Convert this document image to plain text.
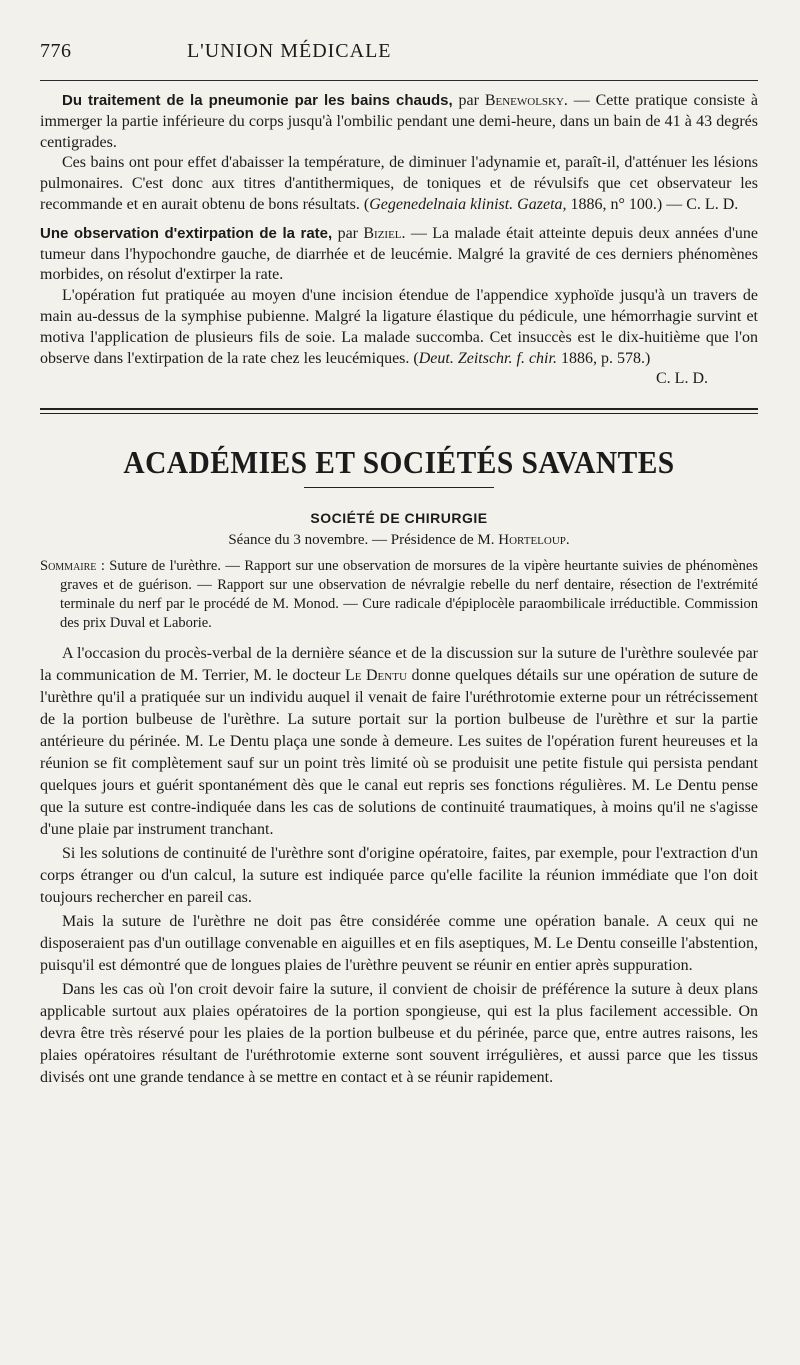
776	L'UNION MÉDICALE

Du traitement de la pneumonie par les bains chauds, par Benewolsky. — Cette pratique consiste à immerger la partie inférieure du corps jusqu'à l'ombilic pendant une demi-heure, dans un bain de 41 à 43 degrés centigrades.

Ces bains ont pour effet d'abaisser la température, de diminuer l'adynamie et, paraît-il, d'atténuer les lésions pulmonaires. C'est donc aux titres d'antithermiques, de toniques et de révulsifs que cet observateur les recommande et en aurait obtenu de bons résultats. (Gegenedelnaia klinist. Gazeta, 1886, n° 100.) — C. L. D.

Une observation d'extirpation de la rate, par Biziel. — La malade était atteinte depuis deux années d'une tumeur dans l'hypochondre gauche, de diarrhée et de leucémie. Malgré la gravité de ces derniers phénomènes morbides, on résolut d'extirper la rate.

L'opération fut pratiquée au moyen d'une incision étendue de l'appendice xyphoïde jusqu'à un travers de main au-dessus de la symphise pubienne. Malgré la ligature élastique du pédicule, une hémorrhagie survint et motiva l'application de plusieurs fils de soie. La malade succomba. Cet insuccès est le dix-huitième que l'on observe dans l'extirpation de la rate chez les leucémiques. (Deut. Zeitschr. f. chir. 1886, p. 578.)

C. L. D.
ACADÉMIES ET SOCIÉTÉS SAVANTES
SOCIÉTÉ DE CHIRURGIE
Séance du 3 novembre. — Présidence de M. Horteloup.
Sommaire : Suture de l'urèthre. — Rapport sur une observation de morsures de la vipère heurtante suivies de phénomènes graves et de guérison. — Rapport sur une observation de névralgie rebelle du nerf dentaire, résection de l'extrémité terminale du nerf par le procédé de M. Monod. — Cure radicale d'épiplocèle paraombilicale irréductible. Commission des prix Duval et Laborie.

A l'occasion du procès-verbal de la dernière séance et de la discussion sur la suture de l'urèthre soulevée par la communication de M. Terrier, M. le docteur Le Dentu donne quelques détails sur une opération de suture de l'urèthre qu'il a pratiquée sur un individu auquel il venait de faire l'uréthrotomie externe pour un rétrécissement de la portion bulbeuse de l'urèthre. La suture portait sur la portion bulbeuse de l'urèthre et sur la partie antérieure du périnée. M. Le Dentu plaça une sonde à demeure. Les suites de l'opération furent heureuses et la réunion se fit complètement sauf sur un point très limité où se produisit une petite fistule qui persista pendant quelques jours et guérit spontanément dès que le canal eut repris ses fonctions régulières. M. Le Dentu pense que la suture est contre-indiquée dans les cas de solutions de continuité traumatiques, à moins qu'il ne s'agisse d'une plaie par instrument tranchant.

Si les solutions de continuité de l'urèthre sont d'origine opératoire, faites, par exemple, pour l'extraction d'un corps étranger ou d'un calcul, la suture est indiquée parce qu'elle facilite la réunion immédiate que l'on doit toujours rechercher en pareil cas.

Mais la suture de l'urèthre ne doit pas être considérée comme une opération banale. A ceux qui ne disposeraient pas d'un outillage convenable en aiguilles et en fils aseptiques, M. Le Dentu conseille l'abstention, puisqu'il est démontré que de longues plaies de l'urèthre peuvent se réunir en entier après suppuration.

Dans les cas où l'on croit devoir faire la suture, il convient de choisir de préférence la suture à deux plans applicable surtout aux plaies opératoires de la portion spongieuse, qui est la plus facilement accessible. On devra être très réservé pour les plaies de la portion bulbeuse et du périnée, parce que, entre autres raisons, les plaies opératoires résultant de l'uréthrotomie externe sont souvent irrégulières, et aussi parce que les tissus divisés ont une grande tendance à se mettre en contact et à se réunir rapidement.
